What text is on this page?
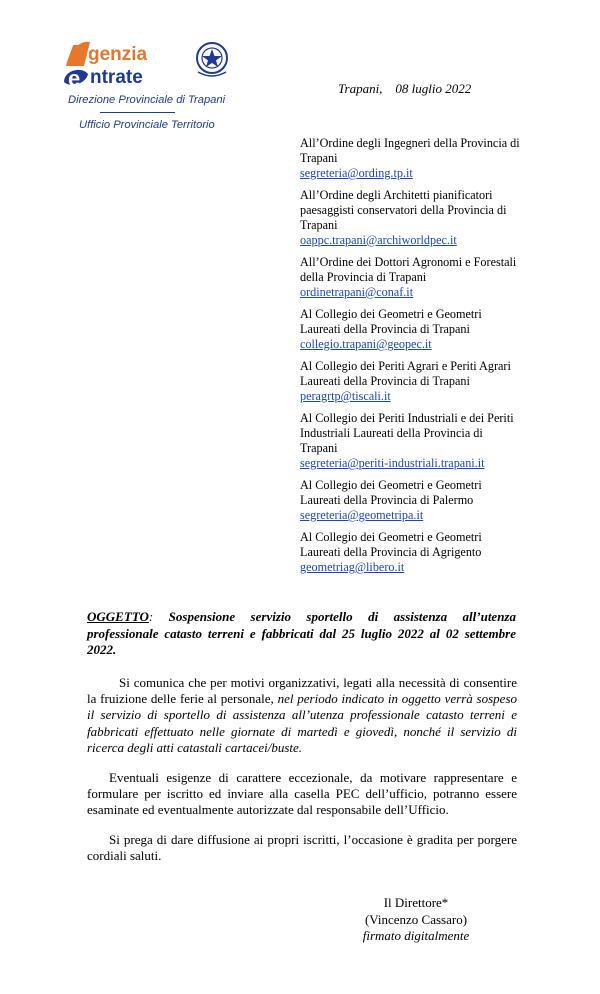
A genzia
e ntrate
Direzione Provinciale di Trapani
Ufficio Provinciale Territorio
Trapani,    08 luglio 2022
All’Ordine degli Ingegneri della Provincia di Trapani
segreteria@ording.tp.it
All’Ordine degli Architetti pianificatori paesaggisti conservatori della Provincia di Trapani
oappc.trapani@archiworldpec.it
All’Ordine dei Dottori Agronomi e Forestali della Provincia di Trapani
ordinetrapani@conaf.it
Al Collegio dei Geometri e Geometri Laureati della Provincia di Trapani
collegio.trapani@geopec.it
Al Collegio dei Periti Agrari e Periti Agrari Laureati della Provincia di Trapani
peragrtp@tiscali.it
Al Collegio dei Periti Industriali e dei Periti Industriali Laureati della Provincia di Trapani
segreteria@periti-industriali.trapani.it
Al Collegio dei Geometri e Geometri Laureati della Provincia di Palermo
segreteria@geometripa.it
Al Collegio dei Geometri e Geometri Laureati della Provincia di Agrigento
geometriag@libero.it
OGGETTO: Sospensione servizio sportello di assistenza all’utenza professionale catasto terreni e fabbricati dal 25 luglio 2022 al 02 settembre 2022.

Si comunica che per motivi organizzativi, legati alla necessità di consentire la fruizione delle ferie al personale, nel periodo indicato in oggetto verrà sospeso il servizio di sportello di assistenza all’utenza professionale catasto terreni e fabbricati effettuato nelle giornate di martedì e giovedì, nonché il servizio di ricerca degli atti catastali cartacei/buste.

Eventuali esigenze di carattere eccezionale, da motivare rappresentare e formulare per iscritto ed inviare alla casella PEC dell’ufficio, potranno essere esaminate ed eventualmente autorizzate dal responsabile dell’Ufficio.

Si prega di dare diffusione ai propri iscritti, l’occasione è gradita per porgere cordiali saluti.

Il Direttore*
(Vincenzo Cassaro)
firmato digitalmente
